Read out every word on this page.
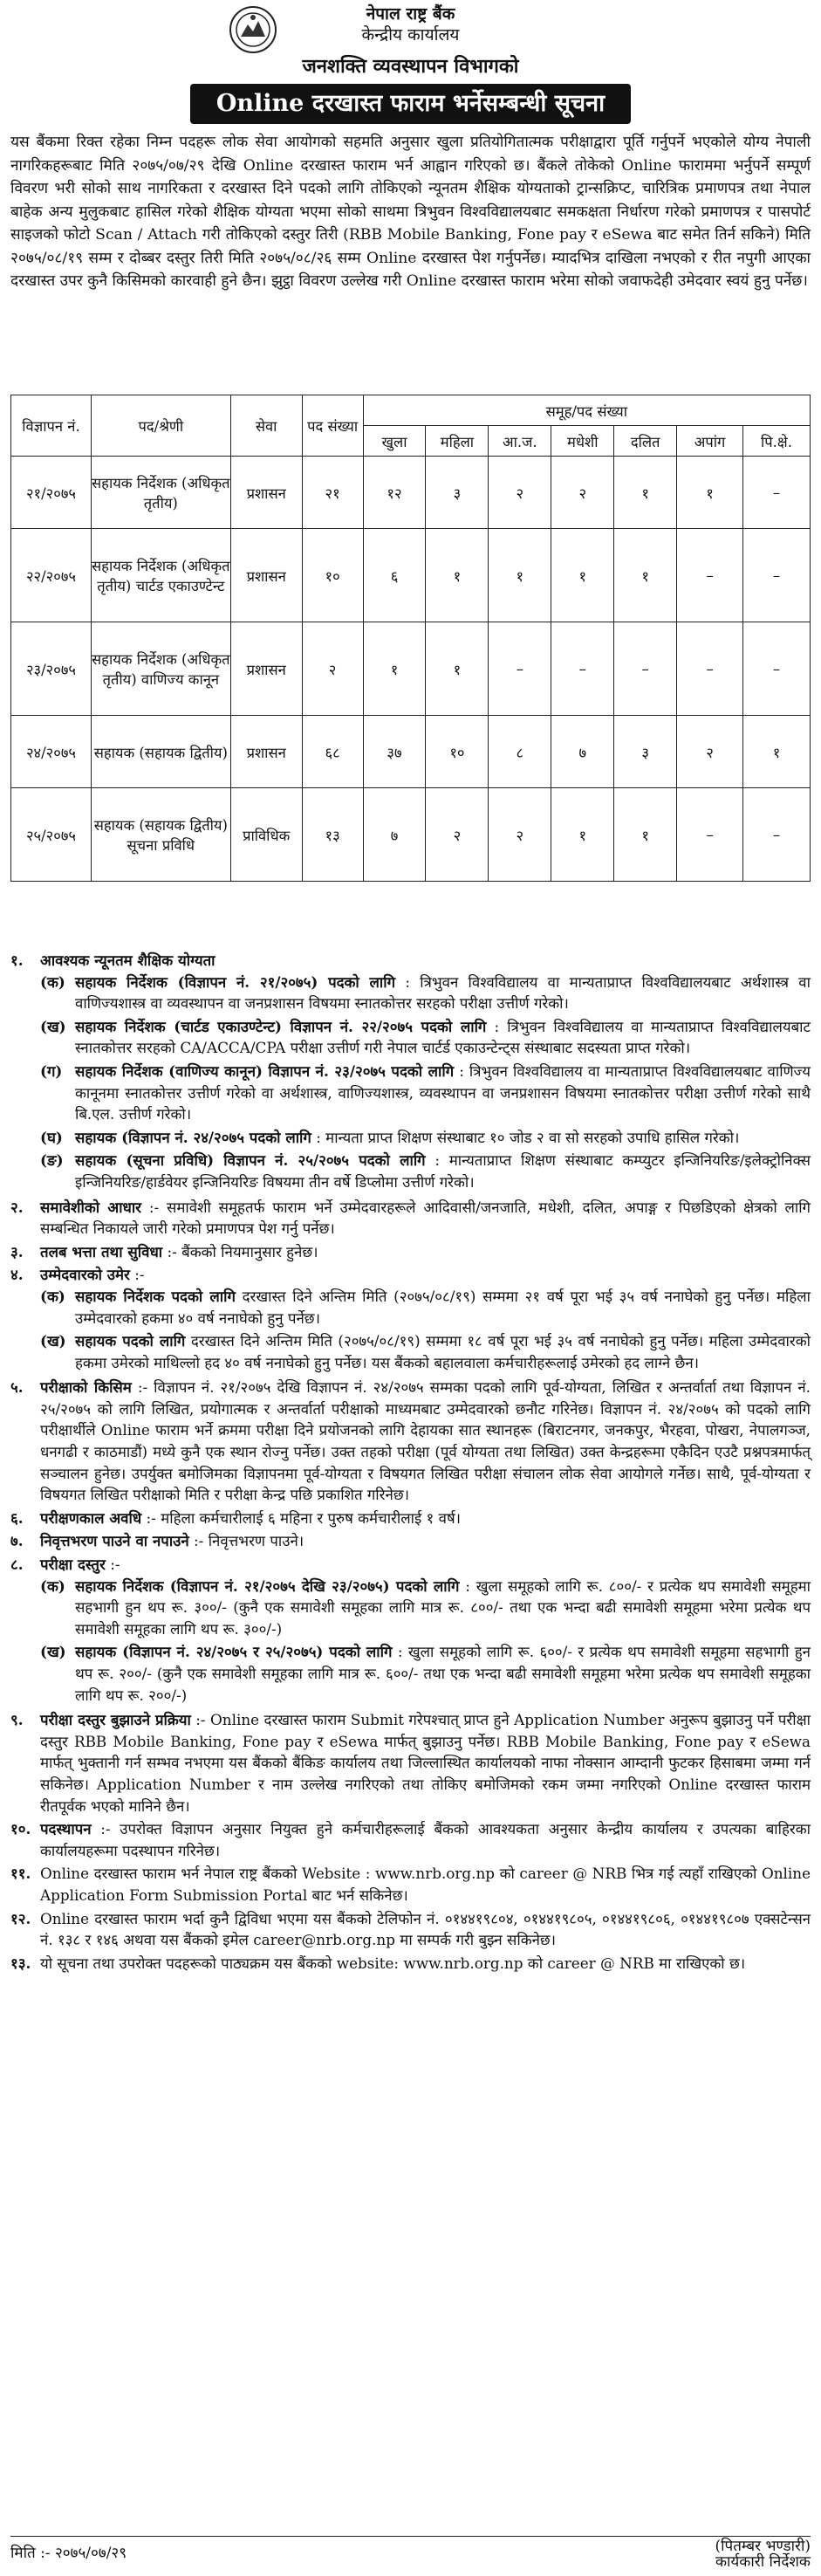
नेपाल राष्ट्र बैंक
केन्द्रीय कार्यालय
जनशक्ति व्यवस्थापन विभागको
Online दरखास्त फाराम भर्नेसम्बन्धी सूचना
यस बैंकमा रिक्त रहेका निम्न पदहरू लोक सेवा आयोगको सहमति अनुसार खुला प्रतियोगितात्मक परीक्षाद्वारा पूर्ति गर्नुपर्ने भएकोले योग्य नेपाली नागरिकहरूबाट मिति २०७५/०७/२९ देखि Online दरखास्त फाराम भर्न आह्वान गरिएको छ। बैंकले तोकेको Online फाराममा भर्नुपर्ने सम्पूर्ण विवरण भरी सोको साथ नागरिकता र दरखास्त दिने पदको लागि तोकिएको न्यूनतम शैक्षिक योग्यताको ट्रान्सक्रिप्ट, चारित्रिक प्रमाणपत्र तथा नेपाल बाहेक अन्य मुलुकबाट हासिल गरेको शैक्षिक योग्यता भएमा सोको साथमा त्रिभुवन विश्वविद्यालयबाट समकक्षता निर्धारण गरेको प्रमाणपत्र र पासपोर्ट साइजको फोटो Scan / Attach गरी तोकिएको दस्तुर तिरी (RBB Mobile Banking, Fone pay र eSewa बाट समेत तिर्न सकिने) मिति २०७५/०८/१९ सम्म र दोब्बर दस्तुर तिरी मिति २०७५/०८/२६ सम्म Online दरखास्त पेश गर्नुपर्नेछ। म्यादभित्र दाखिला नभएको र रीत नपुगी आएका दरखास्त उपर कुनै किसिमको कारवाही हुने छैन। झुट्ठा विवरण उल्लेख गरी Online दरखास्त फाराम भरेमा सोको जवाफदेही उमेदवार स्वयं हुनु पर्नेछ।
विज्ञापन नं.	पद/श्रेणी	सेवा	पद संख्या	समूह/पद संख्या						
				खुला	महिला	आ.ज.	मधेशी	दलित	अपांग	पि.क्षे.
२१/२०७५	सहायक निर्देशक (अधिकृत तृतीय)	प्रशासन	२१	१२	३	२	२	१	१	–
२२/२०७५	सहायक निर्देशक (अधिकृत तृतीय) चार्टड एकाउण्टेन्ट	प्रशासन	१०	६	१	१	१	१	–	–
२३/२०७५	सहायक निर्देशक (अधिकृत तृतीय) वाणिज्य कानून	प्रशासन	२	१	१	–	–	–	–	–
२४/२०७५	सहायक (सहायक द्वितीय)	प्रशासन	६८	३७	१०	८	७	३	२	१
२५/२०७५	सहायक (सहायक द्वितीय) सूचना प्रविधि	प्राविधिक	१३	७	२	२	१	१	–	–
१.	आवश्यक न्यूनतम शैक्षिक योग्यता
(क) सहायक निर्देशक (विज्ञापन नं. २१/२०७५) पदको लागि : त्रिभुवन विश्वविद्यालय वा मान्यताप्राप्त विश्वविद्यालयबाट अर्थशास्त्र वा वाणिज्यशास्त्र वा व्यवस्थापन वा जनप्रशासन विषयमा स्नातकोत्तर सरहको परीक्षा उत्तीर्ण गरेको।
(ख) सहायक निर्देशक (चार्टड एकाउण्टेन्ट) विज्ञापन नं. २२/२०७५ पदको लागि : त्रिभुवन विश्वविद्यालय वा मान्यताप्राप्त विश्वविद्यालयबाट स्नातकोत्तर सरहको CA/ACCA/CPA परीक्षा उत्तीर्ण गरी नेपाल चार्टर्ड एकाउन्टेन्ट्स संस्थाबाट सदस्यता प्राप्त गरेको।
(ग) सहायक निर्देशक (वाणिज्य कानून) विज्ञापन नं. २३/२०७५ पदको लागि : त्रिभुवन विश्वविद्यालय वा मान्यताप्राप्त विश्वविद्यालयबाट वाणिज्य कानूनमा स्नातकोत्तर उत्तीर्ण गरेको वा अर्थशास्त्र, वाणिज्यशास्त्र, व्यवस्थापन वा जनप्रशासन विषयमा स्नातकोत्तर परीक्षा उत्तीर्ण गरेको साथै बि.एल. उत्तीर्ण गरेको।
(घ) सहायक (विज्ञापन नं. २४/२०७५ पदको लागि : मान्यता प्राप्त शिक्षण संस्थाबाट १० जोड २ वा सो सरहको उपाधि हासिल गरेको।
(ङ) सहायक (सूचना प्रविधि) विज्ञापन नं. २५/२०७५ पदको लागि : मान्यताप्राप्त शिक्षण संस्थाबाट कम्प्युटर इन्जिनियरिङ/इलेक्ट्रोनिक्स इन्जिनियरिङ/हार्डवेयर इन्जिनियरिङ विषयमा तीन वर्षे डिप्लोमा उत्तीर्ण गरेको।
२.	समावेशीको आधार :- समावेशी समूहतर्फ फाराम भर्ने उम्मेदवारहरूले आदिवासी/जनजाति, मधेशी, दलित, अपाङ्ग र पिछडिएको क्षेत्रको लागि सम्बन्धित निकायले जारी गरेको प्रमाणपत्र पेश गर्नु पर्नेछ।
३.	तलब भत्ता तथा सुविधा :- बैंकको नियमानुसार हुनेछ।
४.	उम्मेदवारको उमेर :-
(क) सहायक निर्देशक पदको लागि दरखास्त दिने अन्तिम मिति (२०७५/०८/१९) सम्ममा २१ वर्ष पूरा भई ३५ वर्ष ननाघेको हुनु पर्नेछ। महिला उम्मेदवारको हकमा ४० वर्ष ननाघेको हुनु पर्नेछ।
(ख) सहायक पदको लागि दरखास्त दिने अन्तिम मिति (२०७५/०८/१९) सम्ममा १८ वर्ष पूरा भई ३५ वर्ष ननाघेको हुनु पर्नेछ। महिला उम्मेदवारको हकमा उमेरको माथिल्लो हद ४० वर्ष ननाघेको हुनु पर्नेछ। यस बैंकको बहालवाला कर्मचारीहरूलाई उमेरको हद लाग्ने छैन।
५.	परीक्षाको किसिम :- विज्ञापन नं. २१/२०७५ देखि विज्ञापन नं. २४/२०७५ सम्मका पदको लागि पूर्व-योग्यता, लिखित र अन्तर्वार्ता तथा विज्ञापन नं. २५/२०७५ को लागि लिखित, प्रयोगात्मक र अन्तर्वार्ता परीक्षाको माध्यमबाट उम्मेदवारको छनौट गरिनेछ। विज्ञापन नं. २४/२०७५ को पदको लागि परीक्षार्थीले Online फाराम भर्ने क्रममा परीक्षा दिने प्रयोजनको लागि देहायका सात स्थानहरू (बिराटनगर, जनकपुर, भैरहवा, पोखरा, नेपालगञ्ज, धनगढी र काठमाडौं) मध्ये कुनै एक स्थान रोज्नु पर्नेछ। उक्त तहको परीक्षा (पूर्व योग्यता तथा लिखित) उक्त केन्द्रहरूमा एकैदिन एउटै प्रश्नपत्रमार्फत् सञ्चालन हुनेछ। उपर्युक्त बमोजिमका विज्ञापनमा पूर्व-योग्यता र विषयगत लिखित परीक्षा संचालन लोक सेवा आयोगले गर्नेछ। साथै, पूर्व-योग्यता र विषयगत लिखित परीक्षाको मिति र परीक्षा केन्द्र पछि प्रकाशित गरिनेछ।
६.	परीक्षणकाल अवधि :- महिला कर्मचारीलाई ६ महिना र पुरुष कर्मचारीलाई १ वर्ष।
७.	निवृत्तभरण पाउने वा नपाउने :- निवृत्तभरण पाउने।
८.	परीक्षा दस्तुर :-
(क) सहायक निर्देशक (विज्ञापन नं. २१/२०७५ देखि २३/२०७५) पदको लागि : खुला समूहको लागि रू. ८००/- र प्रत्येक थप समावेशी समूहमा सहभागी हुन थप रू. ३००/- (कुनै एक समावेशी समूहका लागि मात्र रू. ८००/- तथा एक भन्दा बढी समावेशी समूहमा भरेमा प्रत्येक थप समावेशी समूहका लागि थप रू. ३००/-)
(ख) सहायक (विज्ञापन नं. २४/२०७५ र २५/२०७५) पदको लागि : खुला समूहको लागि रू. ६००/- र प्रत्येक थप समावेशी समूहमा सहभागी हुन थप रू. २००/- (कुनै एक समावेशी समूहका लागि मात्र रू. ६००/- तथा एक भन्दा बढी समावेशी समूहमा भरेमा प्रत्येक थप समावेशी समूहका लागि थप रू. २००/-)
९.	परीक्षा दस्तुर बुझाउने प्रक्रिया :- Online दरखास्त फाराम Submit गरेपश्चात् प्राप्त हुने Application Number अनुरूप बुझाउनु पर्ने परीक्षा दस्तुर RBB Mobile Banking, Fone pay र eSewa मार्फत् बुझाउनु पर्नेछ। RBB Mobile Banking, Fone pay र eSewa मार्फत् भुक्तानी गर्न सम्भव नभएमा यस बैंकको बैंकिङ कार्यालय तथा जिल्लास्थित कार्यालयको नाफा नोक्सान आम्दानी फुटकर हिसाबमा जम्मा गर्न सकिनेछ। Application Number र नाम उल्लेख नगरिएको तथा तोकिए बमोजिमको रकम जम्मा नगरिएको Online दरखास्त फाराम रीतपूर्वक भएको मानिने छैन।
१०. पदस्थापन :- उपरोक्त विज्ञापन अनुसार नियुक्त हुने कर्मचारीहरूलाई बैंकको आवश्यकता अनुसार केन्द्रीय कार्यालय र उपत्यका बाहिरका कार्यालयहरूमा पदस्थापन गरिनेछ।
११. Online दरखास्त फाराम भर्न नेपाल राष्ट्र बैंकको Website : www.nrb.org.np को career @ NRB भित्र गई त्यहाँ राखिएको Online Application Form Submission Portal बाट भर्न सकिनेछ।
१२. Online दरखास्त फाराम भर्दा कुनै द्विविधा भएमा यस बैंकको टेलिफोन नं. ०१४४१९८०४, ०१४४१९८०५, ०१४४१९८०६, ०१४४१९८०७ एक्सटेन्सन नं. १३८ र १४६ अथवा यस बैंकको इमेल career@nrb.org.np मा सम्पर्क गरी बुझ्न सकिनेछ।
१३. यो सूचना तथा उपरोक्त पदहरूको पाठ्यक्रम यस बैंकको website: www.nrb.org.np को career @ NRB मा राखिएको छ।
मिति :- २०७५/०७/२९	(पितम्बर भण्डारी)
कार्यकारी निर्देशक
